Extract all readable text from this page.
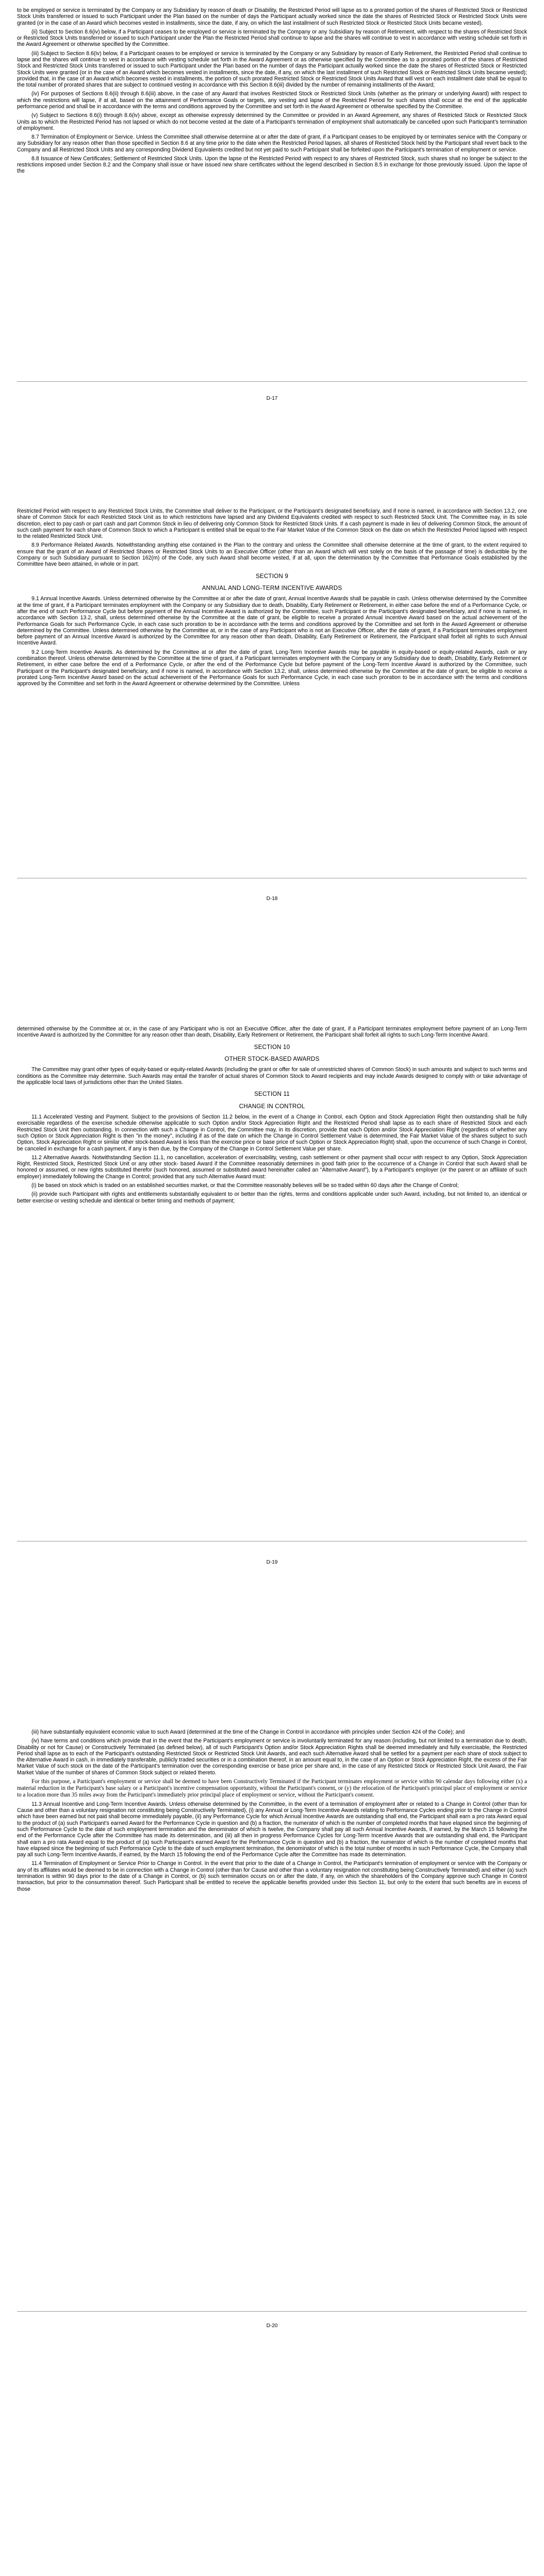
to be employed or service is terminated by the Company or any Subsidiary by reason of death or Disability, the Restricted Period will lapse as to a prorated portion of the shares of Restricted Stock or Restricted Stock Units transferred or issued to such Participant under the Plan based on the number of days the Participant actually worked since the date the shares of Restricted Stock or Restricted Stock Units were granted (or in the case of an Award which becomes vested in installments, since the date, if any, on which the last installment of such Restricted Stock or Restricted Stock Units became vested).

(ii) Subject to Section 8.6(iv) below, if a Participant ceases to be employed or service is terminated by the Company or any Subsidiary by reason of Retirement, with respect to the shares of Restricted Stock or Restricted Stock Units transferred or issued to such Participant under the Plan the Restricted Period shall continue to lapse and the shares will continue to vest in accordance with vesting schedule set forth in the Award Agreement or otherwise specified by the Committee.

(iii) Subject to Section 8.6(iv) below, if a Participant ceases to be employed or service is terminated by the Company or any Subsidiary by reason of Early Retirement, the Restricted Period shall continue to lapse and the shares will continue to vest in accordance with vesting schedule set forth in the Award Agreement or as otherwise specified by the Committee as to a prorated portion of the shares of Restricted Stock and Restricted Stock Units transferred or issued to such Participant under the Plan based on the number of days the Participant actually worked since the date the shares of Restricted Stock or Restricted Stock Units were granted (or in the case of an Award which becomes vested in installments, since the date, if any, on which the last installment of such Restricted Stock or Restricted Stock Units became vested); provided that, in the case of an Award which becomes vested in installments, the portion of such prorated Restricted Stock or Restricted Stock Units Award that will vest on each installment date shall be equal to the total number of prorated shares that are subject to continued vesting in accordance with this Section 8.6(iii) divided by the number of remaining installments of the Award;

(iv) For purposes of Sections 8.6(ii) through 8.6(iii) above, in the case of any Award that involves Restricted Stock or Restricted Stock Units (whether as the primary or underlying Award) with respect to which the restrictions will lapse, if at all, based on the attainment of Performance Goals or targets, any vesting and lapse of the Restricted Period for such shares shall occur at the end of the applicable performance period and shall be in accordance with the terms and conditions approved by the Committee and set forth in the Award Agreement or otherwise specified by the Committee.

(v) Subject to Sections 8.6(i) through 8.6(iv) above, except as otherwise expressly determined by the Committee or provided in an Award Agreement, any shares of Restricted Stock or Restricted Stock Units as to which the Restricted Period has not lapsed or which do not become vested at the date of a Participant's termination of employment shall automatically be cancelled upon such Participant's termination of employment.

8.7 Termination of Employment or Service. Unless the Committee shall otherwise determine at or after the date of grant, if a Participant ceases to be employed by or terminates service with the Company or any Subsidiary for any reason other than those specified in Section 8.6 at any time prior to the date when the Restricted Period lapses, all shares of Restricted Stock held by the Participant shall revert back to the Company and all Restricted Stock Units and any corresponding Dividend Equivalents credited but not yet paid to such Participant shall be forfeited upon the Participant's termination of employment or service.

8.8 Issuance of New Certificates; Settlement of Restricted Stock Units. Upon the lapse of the Restricted Period with respect to any shares of Restricted Stock, such shares shall no longer be subject to the restrictions imposed under Section 8.2 and the Company shall issue or have issued new share certificates without the legend described in Section 8.5 in exchange for those previously issued. Upon the lapse of the

D-17

Restricted Period with respect to any Restricted Stock Units, the Committee shall deliver to the Participant, or the Participant's designated beneficiary, and if none is named, in accordance with Section 13.2, one share of Common Stock for each Restricted Stock Unit as to which restrictions have lapsed and any Dividend Equivalents credited with respect to such Restricted Stock Unit. The Committee may, in its sole discretion, elect to pay cash or part cash and part Common Stock in lieu of delivering only Common Stock for Restricted Stock Units. If a cash payment is made in lieu of delivering Common Stock, the amount of such cash payment for each share of Common Stock to which a Participant is entitled shall be equal to the Fair Market Value of the Common Stock on the date on which the Restricted Period lapsed with respect to the related Restricted Stock Unit.

8.9 Performance Related Awards. Notwithstanding anything else contained in the Plan to the contrary and unless the Committee shall otherwise determine at the time of grant, to the extent required to ensure that the grant of an Award of Restricted Shares or Restricted Stock Units to an Executive Officer (other than an Award which will vest solely on the basis of the passage of time) is deductible by the Company or such Subsidiary pursuant to Section 162(m) of the Code, any such Award shall become vested, if at all, upon the determination by the Committee that Performance Goals established by the Committee have been attained, in whole or in part.

SECTION 9

ANNUAL AND LONG-TERM INCENTIVE AWARDS

9.1 Annual Incentive Awards. Unless determined otherwise by the Committee at or after the date of grant, Annual Incentive Awards shall be payable in cash. Unless otherwise determined by the Committee at the time of grant, if a Participant terminates employment with the Company or any Subsidiary due to death, Disability, Early Retirement or Retirement, in either case before the end of a Performance Cycle, or after the end of such Performance Cycle but before payment of the Annual Incentive Award is authorized by the Committee, such Participant or the Participant's designated beneficiary, and if none is named, in accordance with Section 13.2, shall, unless determined otherwise by the Committee at the date of grant, be eligible to receive a prorated Annual Incentive Award based on the actual achievement of the Performance Goals for such Performance Cycle, in each case such proration to be in accordance with the terms and conditions approved by the Committee and set forth in the Award Agreement or otherwise determined by the Committee. Unless determined otherwise by the Committee at, or in the case of any Participant who is not an Executive Officer, after the date of grant, if a Participant terminates employment before payment of an Annual Incentive Award is authorized by the Committee for any reason other than death, Disability, Early Retirement or Retirement, the Participant shall forfeit all rights to such Annual Incentive Award.

9.2 Long-Term Incentive Awards. As determined by the Committee at or after the date of grant, Long-Term Incentive Awards may be payable in equity-based or equity-related Awards, cash or any combination thereof. Unless otherwise determined by the Committee at the time of grant, if a Participant terminates employment with the Company or any Subsidiary due to death, Disability, Early Retirement or Retirement, in either case before the end of a Performance Cycle, or after the end of the Performance Cycle but before payment of the Long-Term Incentive Award is authorized by the Committee, such Participant or the Participant's designated beneficiary, and if none is named, in accordance with Section 13.2, shall, unless determined otherwise by the Committee at the date of grant, be eligible to receive a prorated Long-Term Incentive Award based on the actual achievement of the Performance Goals for such Performance Cycle, in each case such proration to be in accordance with the terms and conditions approved by the Committee and set forth in the Award Agreement or otherwise determined by the Committee. Unless

D-18

determined otherwise by the Committee at or, in the case of any Participant who is not an Executive Officer, after the date of grant, if a Participant terminates employment before payment of an Long-Term Incentive Award is authorized by the Committee for any reason other than death, Disability, Early Retirement or Retirement, the Participant shall forfeit all rights to such Long-Term Incentive Award.

SECTION 10

OTHER STOCK-BASED AWARDS

The Committee may grant other types of equity-based or equity-related Awards (including the grant or offer for sale of unrestricted shares of Common Stock) in such amounts and subject to such terms and conditions as the Committee may determine. Such Awards may entail the transfer of actual shares of Common Stock to Award recipients and may include Awards designed to comply with or take advantage of the applicable local laws of jurisdictions other than the United States.

SECTION 11

CHANGE IN CONTROL

11.1 Accelerated Vesting and Payment. Subject to the provisions of Section 11.2 below, in the event of a Change in Control, each Option and Stock Appreciation Right then outstanding shall be fully exercisable regardless of the exercise schedule otherwise applicable to such Option and/or Stock Appreciation Right and the Restricted Period shall lapse as to each share of Restricted Stock and each Restricted Stock Unit then outstanding. In connection with such a Change in Control, the Committee may, in its discretion, provide that each Option and/or Stock Appreciation Right (regardless of whether any such Option or Stock Appreciation Right is then "in the money", including if as of the date on which the Change in Control Settlement Value is determined, the Fair Market Value of the shares subject to such Option, Stock Appreciation Right or similar other stock-based Award is less than the exercise price or base price of such Option or Stock Appreciation Right) shall, upon the occurrence of such Change in Control, be canceled in exchange for a cash payment, if any is then due, by the Company of the Change in Control Settlement Value per share.

11.2 Alternative Awards. Notwithstanding Section 11.1, no cancellation, acceleration of exercisability, vesting, cash settlement or other payment shall occur with respect to any Option, Stock Appreciation Right, Restricted Stock, Restricted Stock Unit or any other stock- based Award if the Committee reasonably determines in good faith prior to the occurrence of a Change in Control that such Award shall be honored or assumed, or new rights substituted therefor (such honored, assumed or substituted award hereinafter called an "Alternative Award"), by a Participant's employer (or the parent or an affiliate of such employer) immediately following the Change in Control; provided that any such Alternative Award must:

(i) be based on stock which is traded on an established securities market, or that the Committee reasonably believes will be so traded within 60 days after the Change of Control;

(ii) provide such Participant with rights and entitlements substantially equivalent to or better than the rights, terms and conditions applicable under such Award, including, but not limited to, an identical or better exercise or vesting schedule and identical or better timing and methods of payment;

D-19

(iii) have substantially equivalent economic value to such Award (determined at the time of the Change in Control in accordance with principles under Section 424 of the Code); and

(iv) have terms and conditions which provide that in the event that the Participant's employment or service is involuntarily terminated for any reason (including, but not limited to a termination due to death, Disability or not for Cause) or Constructively Terminated (as defined below), all of such Participant's Option and/or Stock Appreciation Rights shall be deemed immediately and fully exercisable, the Restricted Period shall lapse as to each of the Participant's outstanding Restricted Stock or Restricted Stock Unit Awards, and each such Alternative Award shall be settled for a payment per each share of stock subject to the Alternative Award in cash, in immediately transferable, publicly traded securities or in a combination thereof, in an amount equal to, in the case of an Option or Stock Appreciation Right, the excess of the Fair Market Value of such stock on the date of the Participant's termination over the corresponding exercise or base price per share and, in the case of any Restricted Stock or Restricted Stock Unit Award, the Fair Market Value of the number of shares of Common Stock subject or related thereto.

For this purpose, a Participant's employment or service shall be deemed to have been Constructively Terminated if the Participant terminates employment or service within 90 calendar days following either (x) a material reduction in the Participant's base salary or a Participant's incentive compensation opportunity, without the Participant's consent, or (y) the relocation of the Participant's principal place of employment or service to a location more than 35 miles away from the Participant's immediately prior principal place of employment or service, without the Participant's consent.

11.3 Annual Incentive and Long-Term Incentive Awards. Unless otherwise determined by the Committee, in the event of a termination of employment after or related to a Change in Control (other than for Cause and other than a voluntary resignation not constituting being Constructively Terminated), (i) any Annual or Long-Term Incentive Awards relating to Performance Cycles ending prior to the Change in Control which have been earned but not paid shall become immediately payable, (ii) any Performance Cycle for which Annual Incentive Awards are outstanding shall end, the Participant shall earn a pro rata Award equal to the product of (a) such Participant's earned Award for the Performance Cycle in question and (b) a fraction, the numerator of which is the number of completed months that have elapsed since the beginning of such Performance Cycle to the date of such employment termination and the denominator of which is twelve, the Company shall pay all such Annual Incentive Awards, if earned, by the March 15 following the end of the Performance Cycle after the Committee has made its determination, and (iii) all then in progress Performance Cycles for Long-Term Incentive Awards that are outstanding shall end, the Participant shall earn a pro rata Award equal to the product of (a) such Participant's earned Award for the Performance Cycle in question and (b) a fraction, the numerator of which is the number of completed months that have elapsed since the beginning of such Performance Cycle to the date of such employment termination, the denominator of which is the total number of months in such Performance Cycle, the Company shall pay all such Long-Term Incentive Awards, if earned, by the March 15 following the end of the Performance Cycle after the Committee has made its determination.

11.4 Termination of Employment or Service Prior to Change in Control. In the event that prior to the date of a Change in Control, the Participant's termination of employment or service with the Company or any of its affiliates would be deemed to be in connection with a Change in Control (other than for Cause and other than a voluntary resignation not constituting being Constructively Terminated) and either (a) such termination is within 90 days prior to the date of a Change in Control, or (b) such termination occurs on or after the date, if any, on which the shareholders of the Company approve such Change in Control transaction, but prior to the consummation thereof. Such Participant shall be entitled to receive the applicable benefits provided under this Section 11, but only to the extent that such benefits are in excess of those

D-20
